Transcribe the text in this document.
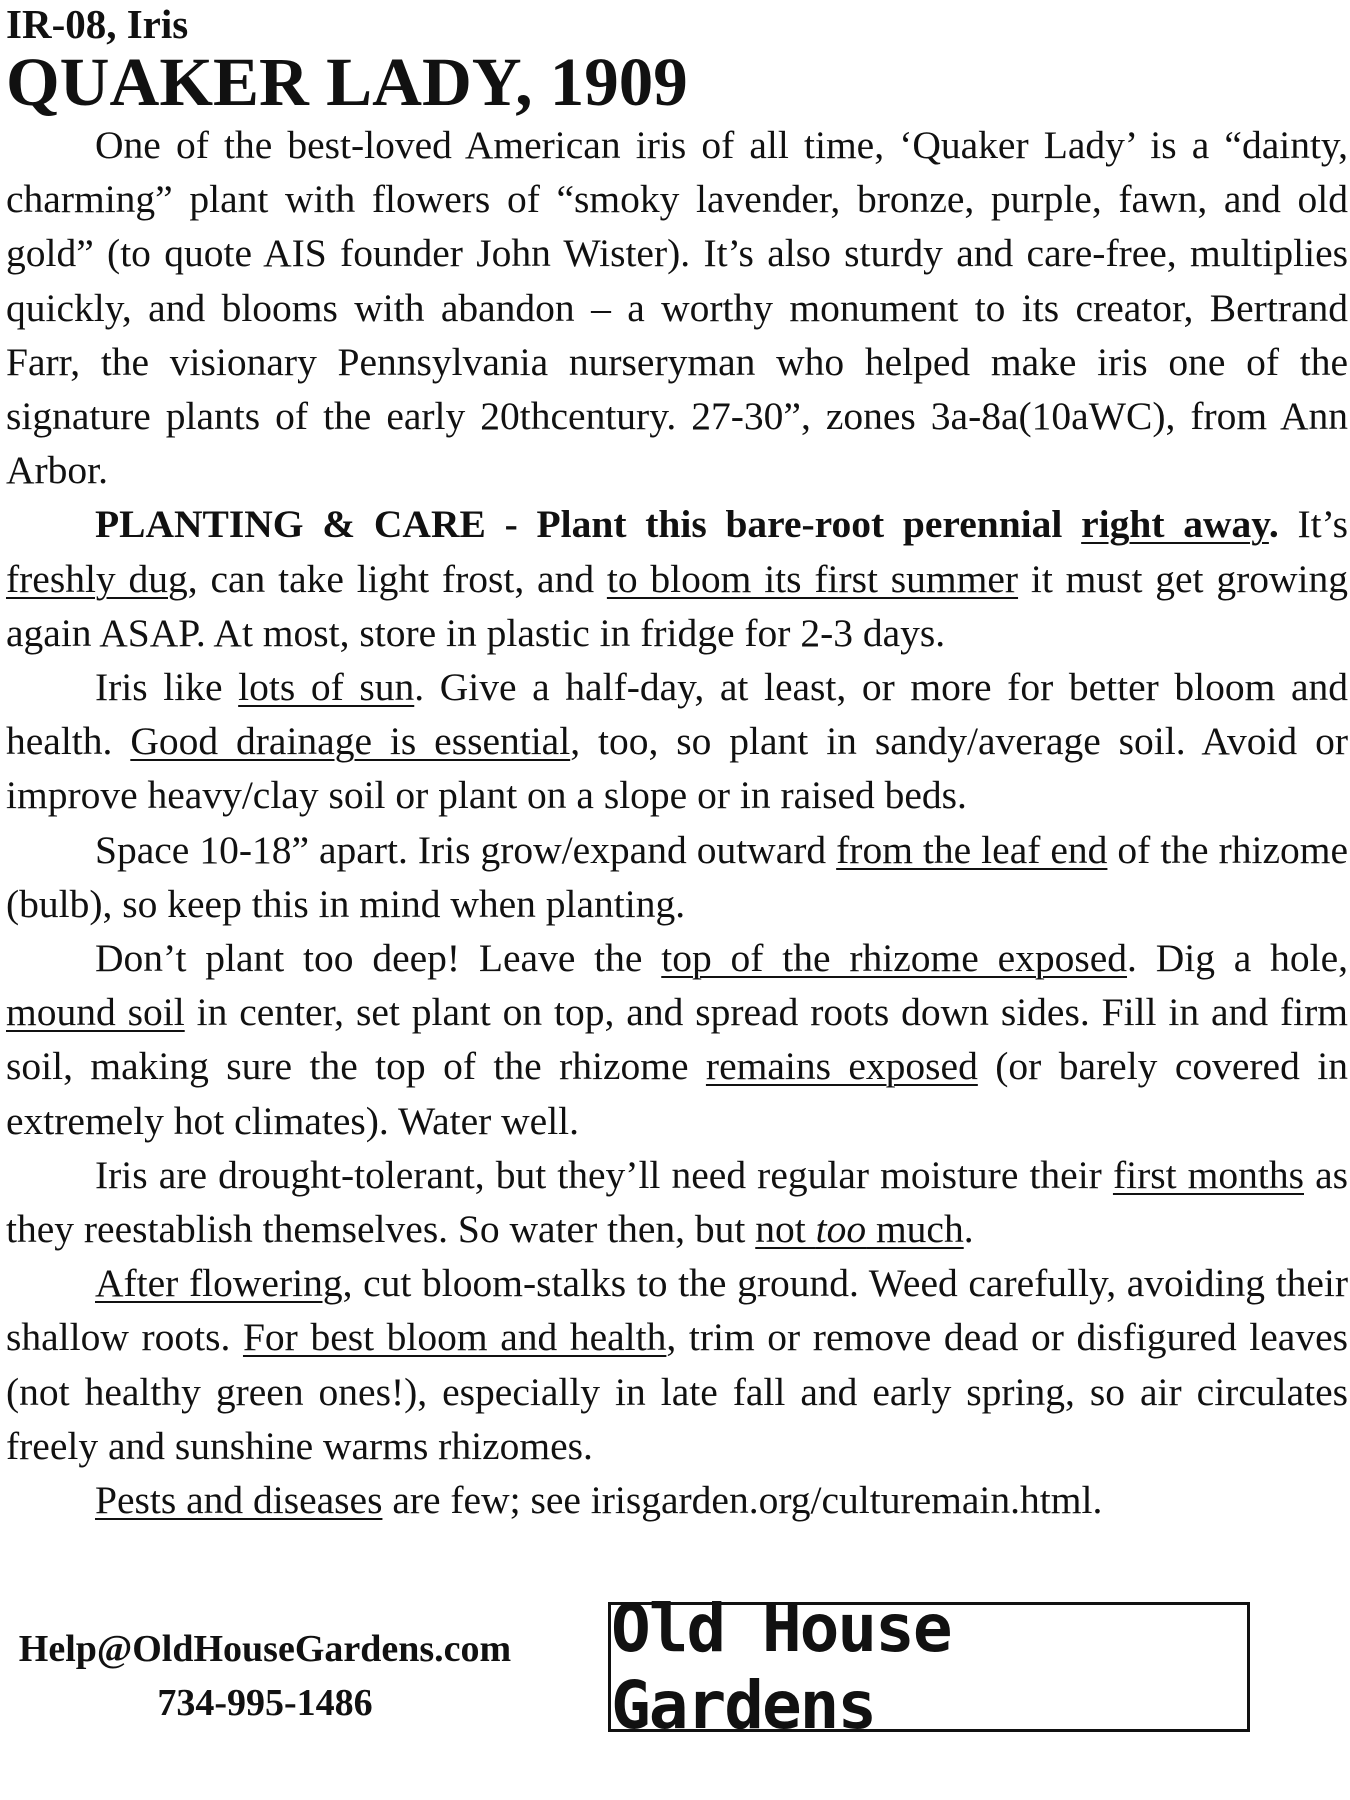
IR-08, Iris
QUAKER LADY, 1909

One of the best-loved American iris of all time, ‘Quaker Lady’ is a “dainty, charming” plant with flowers of “smoky lavender, bronze, purple, fawn, and old gold” (to quote AIS founder John Wister). It’s also sturdy and care-free, multiplies quickly, and blooms with abandon – a worthy monument to its creator, Bertrand Farr, the visionary Pennsylvania nurseryman who helped make iris one of the signature plants of the early 20thcentury. 27-30”, zones 3a-8a(10aWC), from Ann Arbor.

PLANTING & CARE - Plant this bare-root perennial right away. It’s freshly dug, can take light frost, and to bloom its first summer it must get growing again ASAP. At most, store in plastic in fridge for 2-3 days.

Iris like lots of sun. Give a half-day, at least, or more for better bloom and health. Good drainage is essential, too, so plant in sandy/average soil. Avoid or improve heavy/clay soil or plant on a slope or in raised beds.

Space 10-18” apart. Iris grow/expand outward from the leaf end of the rhizome (bulb), so keep this in mind when planting.

Don’t plant too deep! Leave the top of the rhizome exposed. Dig a hole, mound soil in center, set plant on top, and spread roots down sides. Fill in and firm soil, making sure the top of the rhizome remains exposed (or barely covered in extremely hot climates). Water well.

Iris are drought-tolerant, but they’ll need regular moisture their first months as they reestablish themselves. So water then, but not too much.

After flowering, cut bloom-stalks to the ground. Weed carefully, avoiding their shallow roots. For best bloom and health, trim or remove dead or disfigured leaves (not healthy green ones!), especially in late fall and early spring, so air circulates freely and sunshine warms rhizomes.

Pests and diseases are few; see irisgarden.org/culturemain.html.

Help@OldHouseGardens.com
734-995-1486
Old House Gardens
